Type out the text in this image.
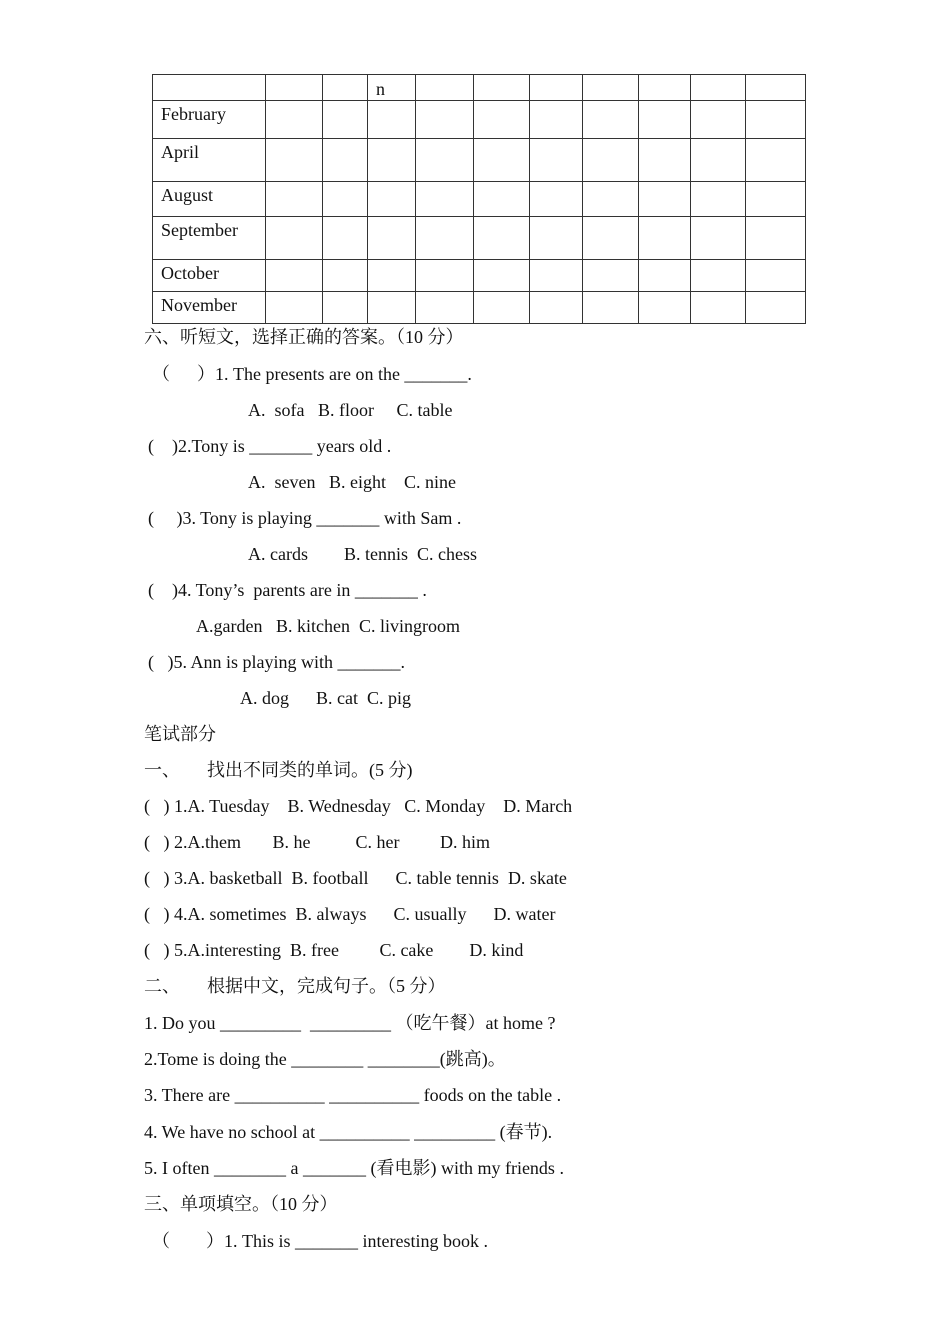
			n							
February										
April										
August										
September										
October										
November										
六、听短文，选择正确的答案。（10 分）
（      ）1. The presents are on the _______.
A.  sofa   B. floor     C. table
(    )2.Tony is _______ years old .
A.  seven   B. eight    C. nine
(     )3. Tony is playing _______ with Sam .
A. cards        B. tennis  C. chess
(    )4. Tony’s  parents are in _______ .
A.garden   B. kitchen  C. livingroom
(   )5. Ann is playing with _______.
A. dog      B. cat  C. pig
笔试部分
一、      找出不同类的单词。(5 分)
(   ) 1.A. Tuesday    B. Wednesday   C. Monday    D. March
(   ) 2.A.them       B. he          C. her         D. him
(   ) 3.A. basketball  B. football      C. table tennis  D. skate
(   ) 4.A. sometimes  B. always      C. usually      D. water
(   ) 5.A.interesting  B. free         C. cake        D. kind
二、      根据中文，完成句子。（5 分）
1. Do you _________  _________ （吃午餐）at home ?
2.Tome is doing the ________ ________(跳高)。
3. There are __________ __________ foods on the table .
4. We have no school at __________ _________ (春节).
5. I often ________ a _______ (看电影) with my friends .
三、单项填空。（10 分）
（        ）1. This is _______ interesting book .
